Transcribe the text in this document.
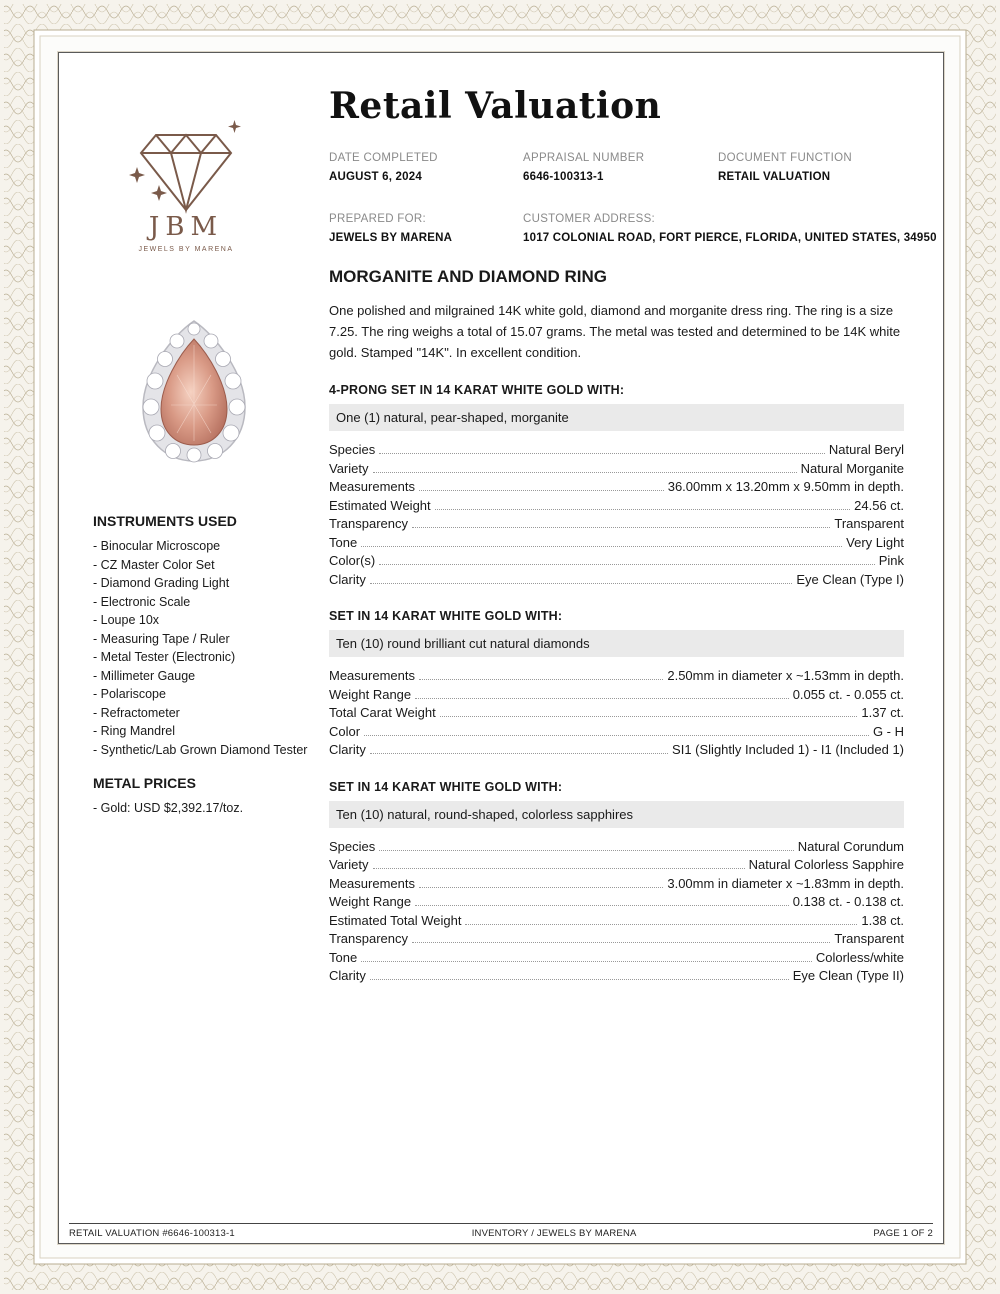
JBM
JEWELS BY MARENA
Retail Valuation
DATE COMPLETED
AUGUST 6, 2024
APPRAISAL NUMBER
6646-100313-1
DOCUMENT FUNCTION
RETAIL VALUATION
PREPARED FOR:
JEWELS BY MARENA
CUSTOMER ADDRESS:
1017 COLONIAL ROAD, FORT PIERCE, FLORIDA, UNITED STATES, 34950
INSTRUMENTS USED
- Binocular Microscope
- CZ Master Color Set
- Diamond Grading Light
- Electronic Scale
- Loupe 10x
- Measuring Tape / Ruler
- Metal Tester (Electronic)
- Millimeter Gauge
- Polariscope
- Refractometer
- Ring Mandrel
- Synthetic/Lab Grown Diamond Tester
METAL PRICES
- Gold: USD $2,392.17/toz.
MORGANITE AND DIAMOND RING
One polished and milgrained 14K white gold, diamond and morganite dress ring. The ring is a size 7.25. The ring weighs a total of 15.07 grams. The metal was tested and determined to be 14K white gold. Stamped "14K". In excellent condition.
4-PRONG SET IN 14 KARAT WHITE GOLD WITH:
One (1) natural, pear-shaped, morganite
Species	Natural Beryl
Variety	Natural Morganite
Measurements	36.00mm x 13.20mm x 9.50mm in depth.
Estimated Weight	24.56 ct.
Transparency	Transparent
Tone	Very Light
Color(s)	Pink
Clarity	Eye Clean (Type I)
SET IN 14 KARAT WHITE GOLD WITH:
Ten (10) round brilliant cut natural diamonds
Measurements	2.50mm in diameter x ~1.53mm in depth.
Weight Range	0.055 ct. - 0.055 ct.
Total Carat Weight	1.37 ct.
Color	G - H
Clarity	SI1 (Slightly Included 1) - I1 (Included 1)
SET IN 14 KARAT WHITE GOLD WITH:
Ten (10) natural, round-shaped, colorless sapphires
Species	Natural Corundum
Variety	Natural Colorless Sapphire
Measurements	3.00mm in diameter x ~1.83mm in depth.
Weight Range	0.138 ct. - 0.138 ct.
Estimated Total Weight	1.38 ct.
Transparency	Transparent
Tone	Colorless/white
Clarity	Eye Clean (Type II)
RETAIL VALUATION #6646-100313-1	INVENTORY / JEWELS BY MARENA	PAGE 1 OF 2
